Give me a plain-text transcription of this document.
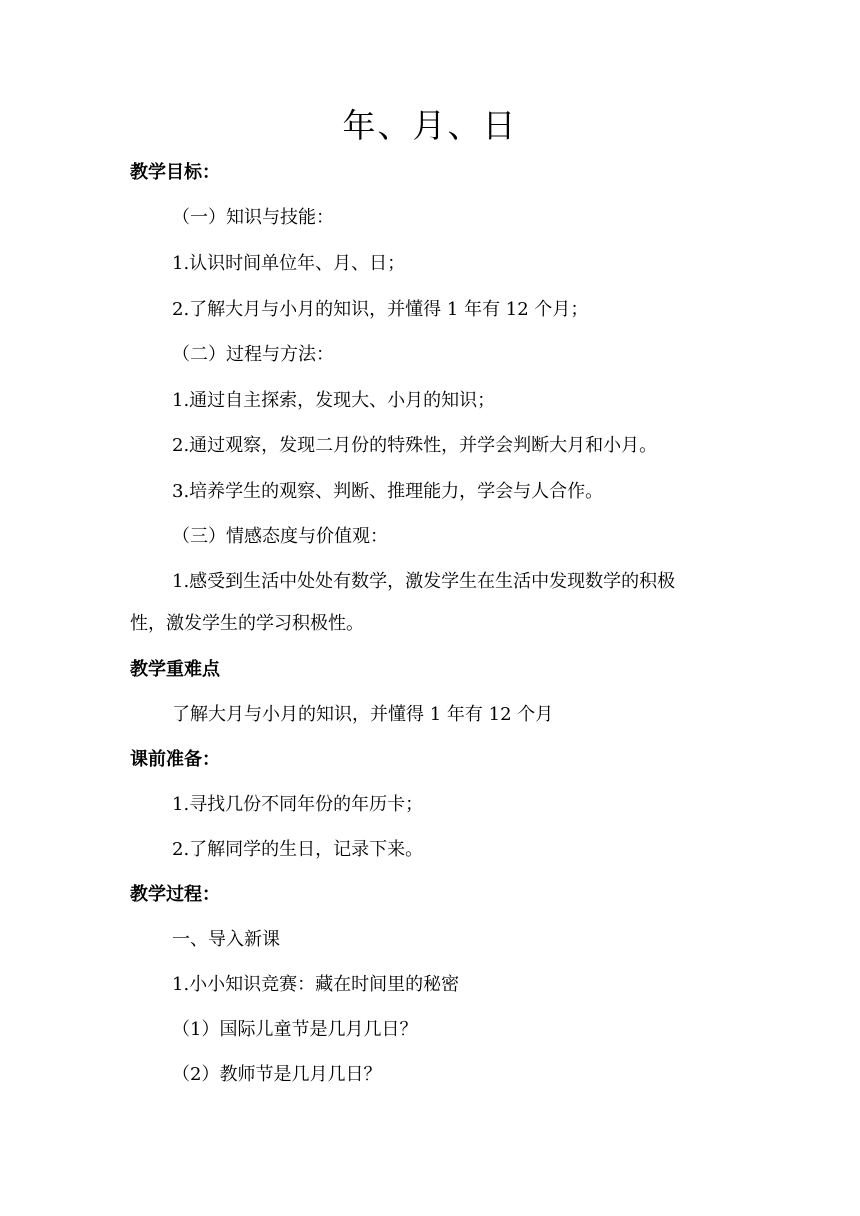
年、月、日
教学目标：
（一）知识与技能：
1.认识时间单位年、月、日；
2.了解大月与小月的知识，并懂得 1 年有 12 个月；
（二）过程与方法：
1.通过自主探索，发现大、小月的知识；
2.通过观察，发现二月份的特殊性，并学会判断大月和小月。
3.培养学生的观察、判断、推理能力，学会与人合作。
（三）情感态度与价值观：
1.感受到生活中处处有数学，激发学生在生活中发现数学的积极
性，激发学生的学习积极性。
教学重难点
了解大月与小月的知识，并懂得 1 年有 12 个月
课前准备：
1.寻找几份不同年份的年历卡；
2.了解同学的生日，记录下来。
教学过程：
一、导入新课
1.小小知识竞赛：藏在时间里的秘密
（1）国际儿童节是几月几日？
（2）教师节是几月几日？
